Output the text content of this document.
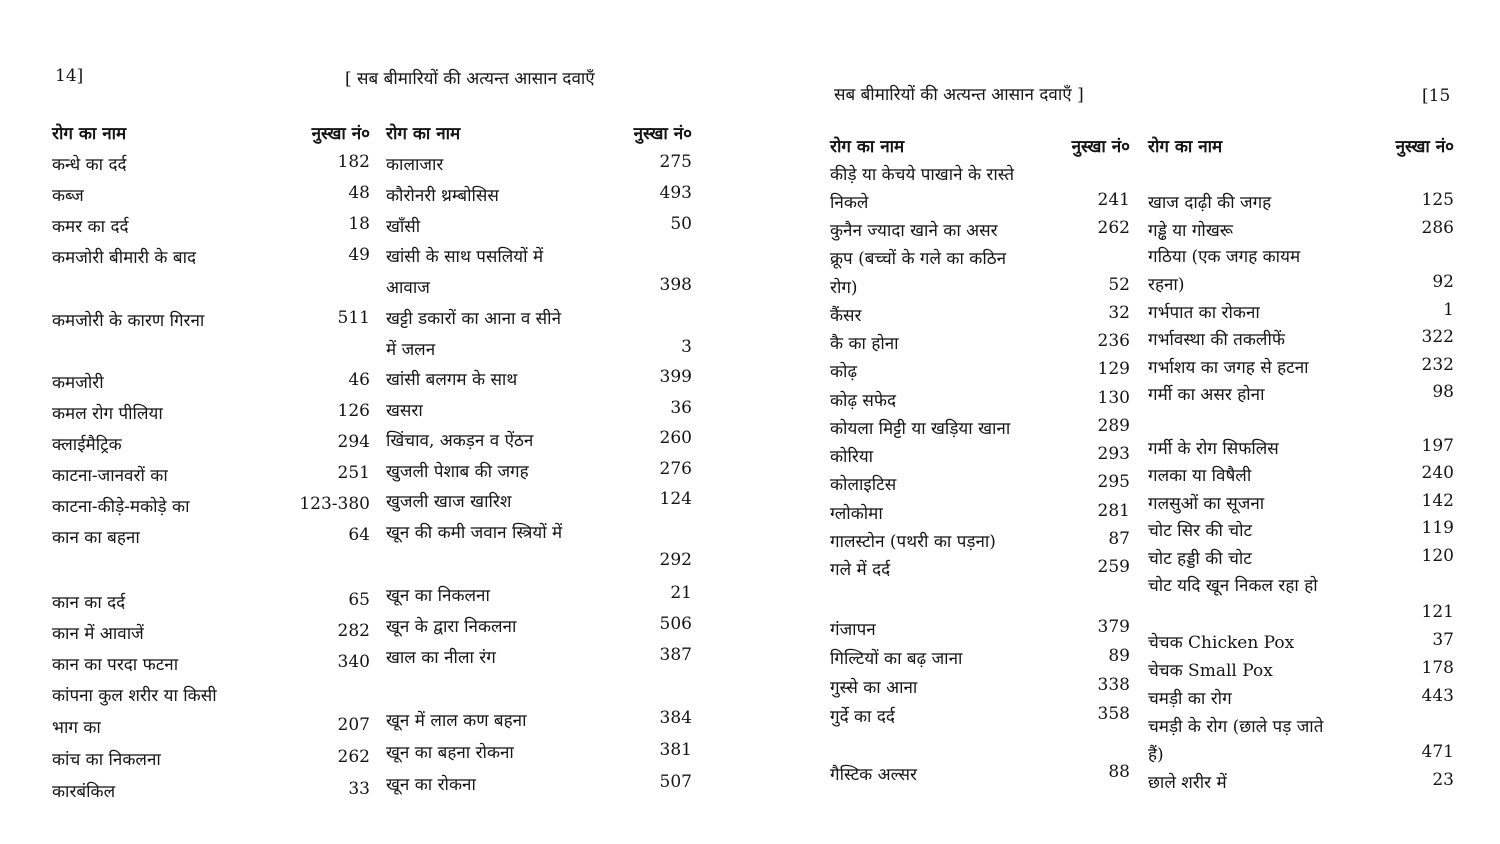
14]	[ सब बीमारियों की अत्यन्त आसान दवाएँ
रोग का नाम	नुस्खा नं०
कन्धे का दर्द	182
कब्ज	48
कमर का दर्द	18
कमजोरी बीमारी के बाद	49
कमजोरी के कारण गिरना	511
कमजोरी	46
कमल रोग पीलिया	126
क्लाईमैट्रिक	294
काटना-जानवरों का	251
काटना-कीड़े-मकोड़े का	123-380
कान का बहना	64
कान का दर्द	65
कान में आवाजें	282
कान का परदा फटना	340
कांपना कुल शरीर या किसी
भाग का	207
कांच का निकलना	262
कारबंकिल	33
रोग का नाम	नुस्खा नं०
कालाजार	275
कौरोनरी थ्रम्बोसिस	493
खाँसी	50
खांसी के साथ पसलियों में
आवाज	398
खट्टी डकारों का आना व सीने
में जलन	3
खांसी बलगम के साथ	399
खसरा	36
खिंचाव, अकड़न व ऐंठन	260
खुजली पेशाब की जगह	276
खुजली खाज खारिश	124
खून की कमी जवान स्त्रियों में
292
खून का निकलना	21
खून के द्वारा निकलना	506
खाल का नीला रंग	387
खून में लाल कण बहना	384
खून का बहना रोकना	381
खून का रोकना	507
सब बीमारियों की अत्यन्त आसान दवाएँ ]	[15
रोग का नाम	नुस्खा नं०
कीड़े या केचये पाखाने के रास्ते
निकले	241
कुनैन ज्यादा खाने का असर	262
क्रूप (बच्चों के गले का कठिन
रोग)	52
कैंसर	32
कै का होना	236
कोढ़	129
कोढ़ सफेद	130
कोयला मिट्टी या खड़िया खाना	289
कोरिया	293
कोलाइटिस	295
ग्लोकोमा	281
गालस्टोन (पथरी का पड़ना)	87
गले में दर्द	259
गंजापन	379
गिल्टियों का बढ़ जाना	89
गुस्से का आना	338
गुर्दे का दर्द	358
गैस्टिक अल्सर	88
रोग का नाम	नुस्खा नं०
खाज दाढ़ी की जगह	125
गड्ढे या गोखरू	286
गठिया (एक जगह कायम
रहना)	92
गर्भपात का रोकना	1
गर्भावस्था की तकलीफें	322
गर्भाशय का जगह से हटना	232
गर्मी का असर होना	98
गर्मी के रोग सिफलिस	197
गलका या विषैली	240
गलसुओं का सूजना	142
चोट सिर की चोट	119
चोट हड्डी की चोट	120
चोट यदि खून निकल रहा हो
121
चेचक Chicken Pox	37
चेचक Small Pox	178
चमड़ी का रोग	443
चमड़ी के रोग (छाले पड़ जाते
हैं)	471
छाले शरीर में	23
